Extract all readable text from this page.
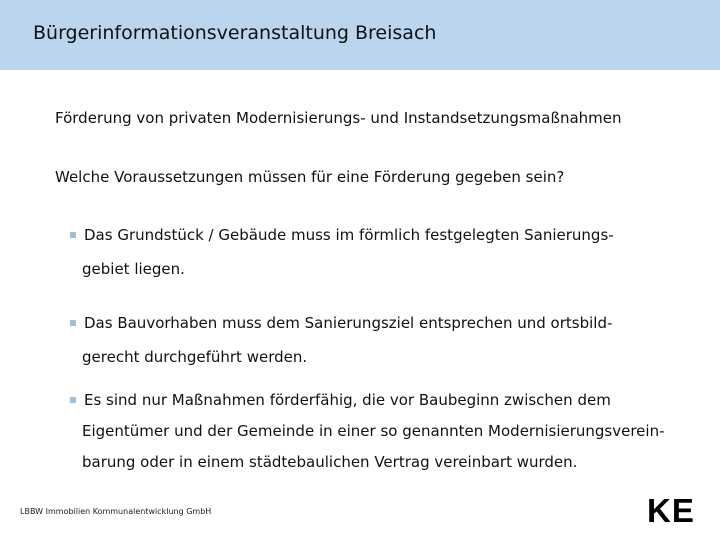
Bürgerinformationsveranstaltung Breisach
Förderung von privaten Modernisierungs- und Instandsetzungsmaßnahmen
Welche Voraussetzungen müssen für eine Förderung gegeben sein?
Das Grundstück / Gebäude muss im förmlich festgelegten Sanierungs-
gebiet liegen.
Das Bauvorhaben muss dem Sanierungsziel entsprechen und ortsbild-
gerecht durchgeführt werden.
Es sind nur Maßnahmen förderfähig, die vor Baubeginn zwischen dem
Eigentümer und der Gemeinde in einer so genannten Modernisierungsverein-
barung oder in einem städtebaulichen Vertrag vereinbart wurden.
LBBW Immobilien Kommunalentwicklung GmbH	KE
